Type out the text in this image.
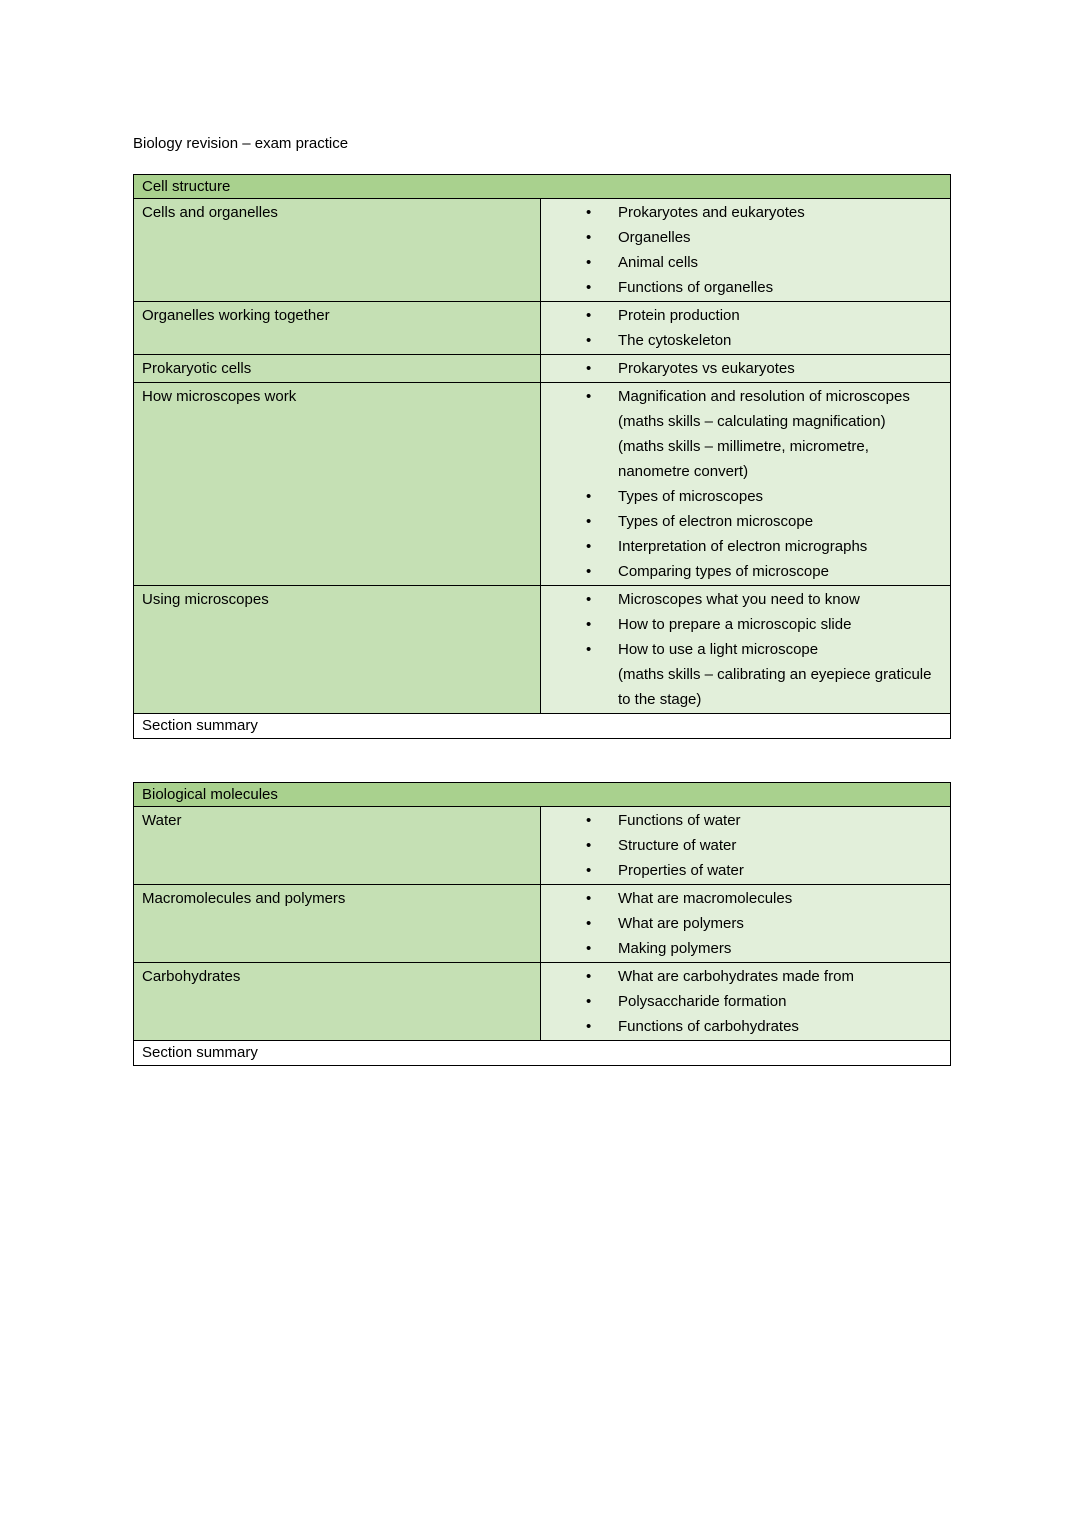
Biology revision – exam practice
Cell structure	
Cells and organelles	• Prokaryotes and eukaryotes
• Organelles
• Animal cells
• Functions of organelles

Organelles working together	• Protein production
• The cytoskeleton

Prokaryotic cells	• Prokaryotes vs eukaryotes

How microscopes work	• Magnification and resolution of microscopes
(maths skills – calculating magnification)
(maths skills – millimetre, micrometre, nanometre convert)
• Types of microscopes
• Types of electron microscope
• Interpretation of electron micrographs
• Comparing types of microscope

Using microscopes	• Microscopes what you need to know
• How to prepare a microscopic slide
• How to use a light microscope
(maths skills – calibrating an eyepiece graticule to the stage)

Section summary	
Biological molecules	
Water	• Functions of water
• Structure of water
• Properties of water

Macromolecules and polymers	• What are macromolecules
• What are polymers
• Making polymers

Carbohydrates	• What are carbohydrates made from
• Polysaccharide formation
• Functions of carbohydrates

Section summary	
